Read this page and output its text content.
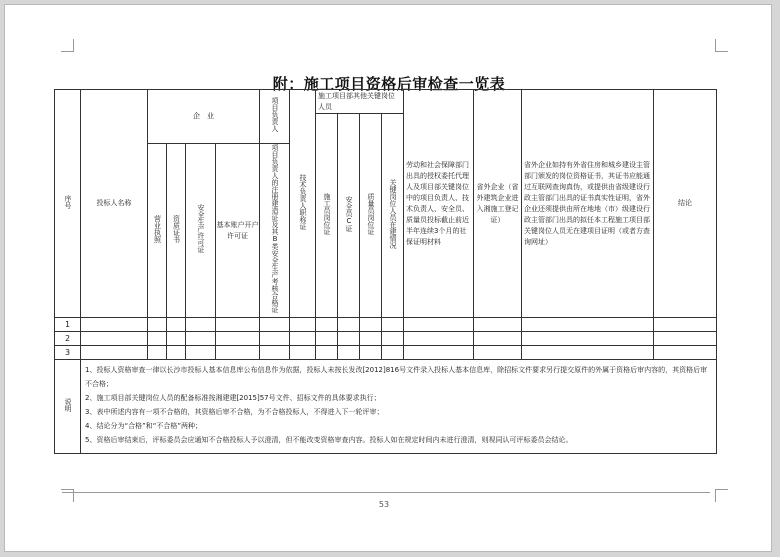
附：施工项目资格后审检查一览表
序号	投标人名称	企　业				项目负责人	技术负责人职称证	施工项目部其他关键岗位人员				劳动和社会保障部门出具的授权委托代理人及项目部关键岗位中的项目负责人、技术负责人、安全员、质量员投标截止前近半年连续3个月的社保证明材料	省外企业（省外建筑企业进入湘施工登记证）	省外企业如持有外省住房和城乡建设主管部门颁发的岗位资格证书，其证书应能通过互联网查询真伪，或提供由省级建设行政主管部门出具的证书真实性证明，省外企业还须提供由所在地地（市）级建设行政主管部门出具的拟任本工程施工项目部关键岗位人员无在建项目证明（或者方查询网址）	结论
								施工员岗位证	安全员C证	质量员岗位证	关键岗位人员在建情况				
		营业执照	资质证书	安全生产许可证	基本账户开户许可证	项目负责人的注册建造证及其B类安全生产考核合格证									
1															
2															
3															
说明	1、投标人资格审查一律以长沙市投标人基本信息库公布信息作为依据，投标人未按长发改[2012]816号文件录入投标人基本信息库，除招标文件要求另行提交原件的外属于资格后审内容的，其资格后审不合格；
2、施工项目部关键岗位人员的配备标准按湘建建[2015]57号文件、招标文件的具体要求执行；
3、表中所述内容有一项不合格的，其资格后审不合格，为不合格投标人，不得进入下一轮评审；
4、结论分为“合格”和“不合格”两种；
5、资格后审结束后，评标委员会应通知不合格投标人予以澄清，但不能改变资格审查内容。投标人如在规定时间内未进行澄清，则视同认可评标委员会结论。														
53
